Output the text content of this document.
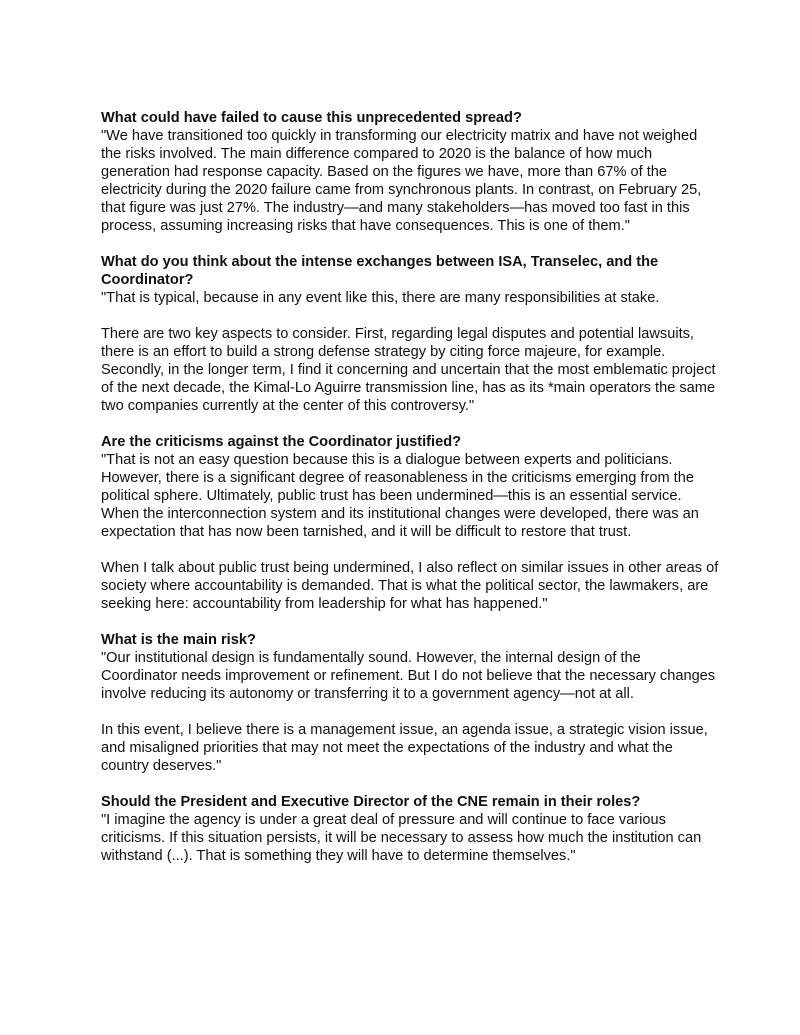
What could have failed to cause this unprecedented spread?

"We have transitioned too quickly in transforming our electricity matrix and have not weighed the risks involved. The main difference compared to 2020 is the balance of how much generation had response capacity. Based on the figures we have, more than 67% of the electricity during the 2020 failure came from synchronous plants. In contrast, on February 25, that figure was just 27%. The industry—and many stakeholders—has moved too fast in this process, assuming increasing risks that have consequences. This is one of them."

What do you think about the intense exchanges between ISA, Transelec, and the Coordinator?

"That is typical, because in any event like this, there are many responsibilities at stake.

There are two key aspects to consider. First, regarding legal disputes and potential lawsuits, there is an effort to build a strong defense strategy by citing force majeure, for example. Secondly, in the longer term, I find it concerning and uncertain that the most emblematic project of the next decade, the Kimal-Lo Aguirre transmission line, has as its *main operators the same two companies currently at the center of this controversy."

Are the criticisms against the Coordinator justified?

"That is not an easy question because this is a dialogue between experts and politicians. However, there is a significant degree of reasonableness in the criticisms emerging from the political sphere. Ultimately, public trust has been undermined—this is an essential service. When the interconnection system and its institutional changes were developed, there was an expectation that has now been tarnished, and it will be difficult to restore that trust.

When I talk about public trust being undermined, I also reflect on similar issues in other areas of society where accountability is demanded. That is what the political sector, the lawmakers, are seeking here: accountability from leadership for what has happened."

What is the main risk?

"Our institutional design is fundamentally sound. However, the internal design of the Coordinator needs improvement or refinement. But I do not believe that the necessary changes involve reducing its autonomy or transferring it to a government agency—not at all.

In this event, I believe there is a management issue, an agenda issue, a strategic vision issue, and misaligned priorities that may not meet the expectations of the industry and what the country deserves."

Should the President and Executive Director of the CNE remain in their roles?

"I imagine the agency is under a great deal of pressure and will continue to face various criticisms. If this situation persists, it will be necessary to assess how much the institution can withstand (...). That is something they will have to determine themselves."
